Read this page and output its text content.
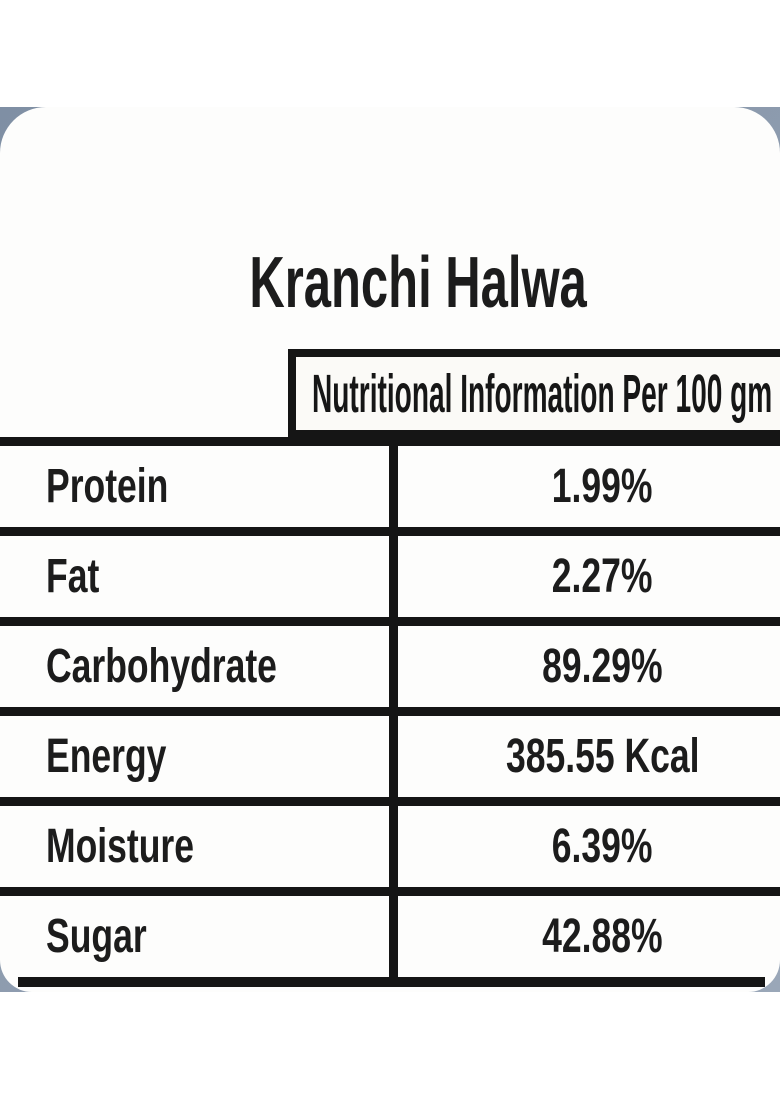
Kranchi Halwa
Nutritional Information Per 100 gm
Protein	1.99%
Fat	2.27%
Carbohydrate	89.29%
Energy	385.55 Kcal
Moisture	6.39%
Sugar	42.88%
